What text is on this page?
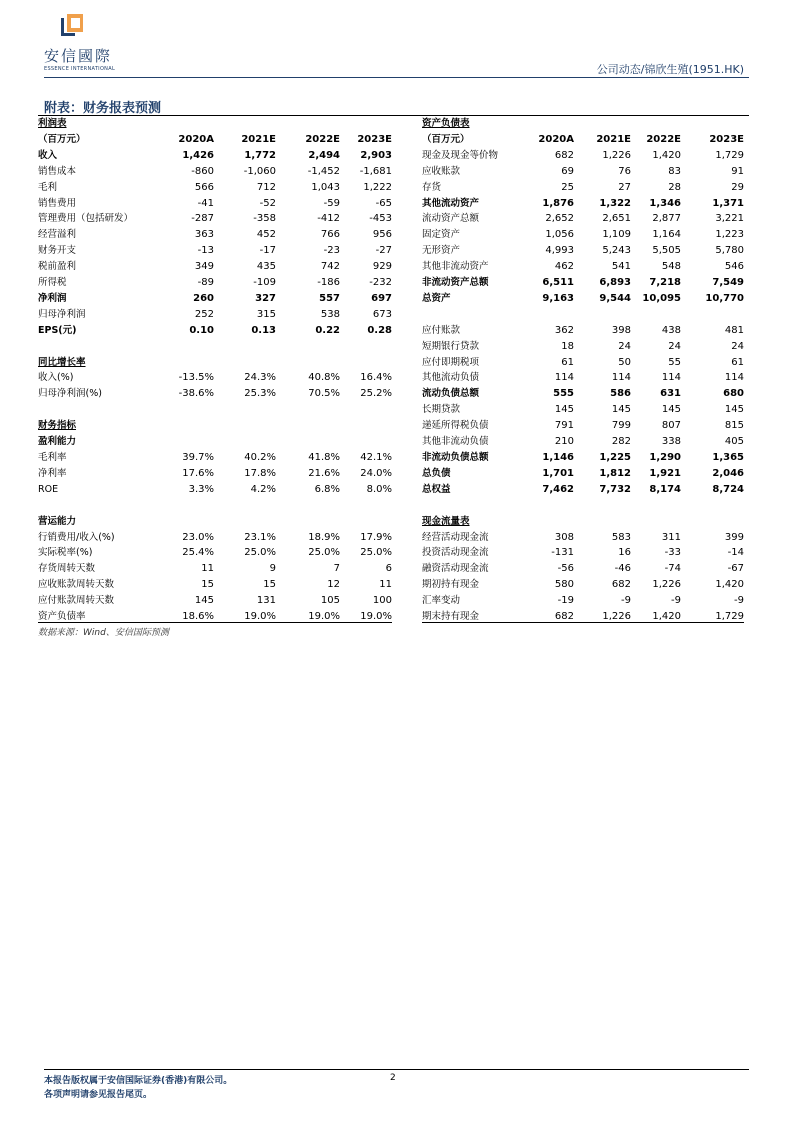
安信國際
ESSENCE INTERNATIONAL	公司动态/锦欣生殖(1951.HK)
附表：财务报表预测
利润表				
（百万元）	2020A	2021E	2022E	2023E
收入	1,426	1,772	2,494	2,903
销售成本	-860	-1,060	-1,452	-1,681
毛利	566	712	1,043	1,222
销售费用	-41	-52	-59	-65
管理费用（包括研发）	-287	-358	-412	-453
经营溢利	363	452	766	956
财务开支	-13	-17	-23	-27
税前盈利	349	435	742	929
所得税	-89	-109	-186	-232
净利润	260	327	557	697
归母净利润	252	315	538	673
EPS(元)	0.10	0.13	0.22	0.28

同比增长率				
收入(%)	-13.5%	24.3%	40.8%	16.4%
归母净利润(%)	-38.6%	25.3%	70.5%	25.2%

财务指标				
盈利能力				
毛利率	39.7%	40.2%	41.8%	42.1%
净利率	17.6%	17.8%	21.6%	24.0%
ROE	3.3%	4.2%	6.8%	8.0%

营运能力				
行销费用/收入(%)	23.0%	23.1%	18.9%	17.9%
实际税率(%)	25.4%	25.0%	25.0%	25.0%
存货周转天数	11	9	7	6
应收账款周转天数	15	15	12	11
应付账款周转天数	145	131	105	100
资产负债率	18.6%	19.0%	19.0%	19.0%
资产负债表				
（百万元）	2020A	2021E	2022E	2023E
现金及现金等价物	682	1,226	1,420	1,729
应收账款	69	76	83	91
存货	25	27	28	29
其他流动资产	1,876	1,322	1,346	1,371
流动资产总额	2,652	2,651	2,877	3,221
固定资产	1,056	1,109	1,164	1,223
无形资产	4,993	5,243	5,505	5,780
其他非流动资产	462	541	548	546
非流动资产总额	6,511	6,893	7,218	7,549
总资产	9,163	9,544	10,095	10,770

应付账款	362	398	438	481
短期银行贷款	18	24	24	24
应付即期税项	61	50	55	61
其他流动负债	114	114	114	114
流动负债总额	555	586	631	680
长期贷款	145	145	145	145
递延所得税负债	791	799	807	815
其他非流动负债	210	282	338	405
非流动负债总额	1,146	1,225	1,290	1,365
总负债	1,701	1,812	1,921	2,046
总权益	7,462	7,732	8,174	8,724

现金流量表				
经营活动现金流	308	583	311	399
投资活动现金流	-131	16	-33	-14
融资活动现金流	-56	-46	-74	-67
期初持有现金	580	682	1,226	1,420
汇率变动	-19	-9	-9	-9
期末持有现金	682	1,226	1,420	1,729
数据来源：Wind、安信国际预测
本报告版权属于安信国际证券(香港)有限公司。
各项声明请参见报告尾页。
2
